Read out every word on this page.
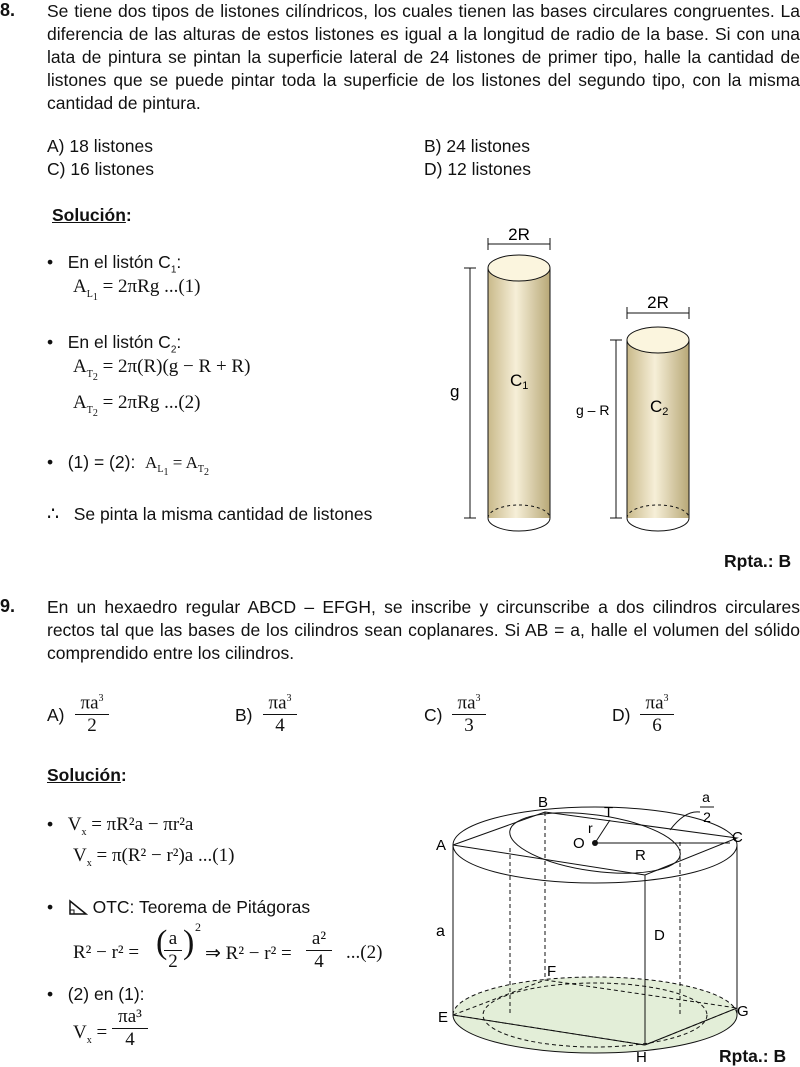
8. Se tiene dos tipos de listones cilíndricos, los cuales tienen las bases circulares congruentes. La diferencia de las alturas de estos listones es igual a la longitud de radio de la base. Si con una lata de pintura se pintan la superficie lateral de 24 listones de primer tipo, halle la cantidad de listones que se puede pintar toda la superficie de los listones del segundo tipo, con la misma cantidad de pintura.
A) 18 listones	B) 24 listones
C) 16 listones	D) 12 listones
Solución:
•   En el listón $C_1$:
$A_{L_1} = 2\pi Rg$ ...(1)
•   En el listón $C_2$:
$A_{T_2} = 2\pi(R)(g - R + R)$
$A_{T_2} = 2\pi Rg$ ...(2)
•   (1) = (2): $A_{L_1} = A_{T_2}$
∴ Se pinta la misma cantidad de listones
2R
C1
g
2R
C2
g – R
Rpta.: B
9. En un hexaedro regular ABCD – EFGH, se inscribe y circunscribe a dos cilindros circulares rectos tal que las bases de los cilindros sean coplanares. Si AB = a, halle el volumen del sólido comprendido entre los cilindros.
$A) \frac{\pi a^3}{2}$	$B) \frac{\pi a^3}{4}$	$C) \frac{\pi a^3}{3}$	$D) \frac{\pi a^3}{6}$
Solución:
•   $V_x = \pi R^2a - \pi r^2a$
$V_x = \pi(R^2 - r^2)a$ ...(1)
•    OTC: Teorema de Pitágoras
R² − r² = (
$\frac{a}{2}$ ) 2
⇒ $R^2 - r^2 = \frac{\text{a²}}{4} ...(2)$
•   (2) en (1):
$V_x = \frac{\text{πa³}}{4}$
A
B
C
D
E
F
G
H
O
T
r
R
a
a
2
Rpta.: B
